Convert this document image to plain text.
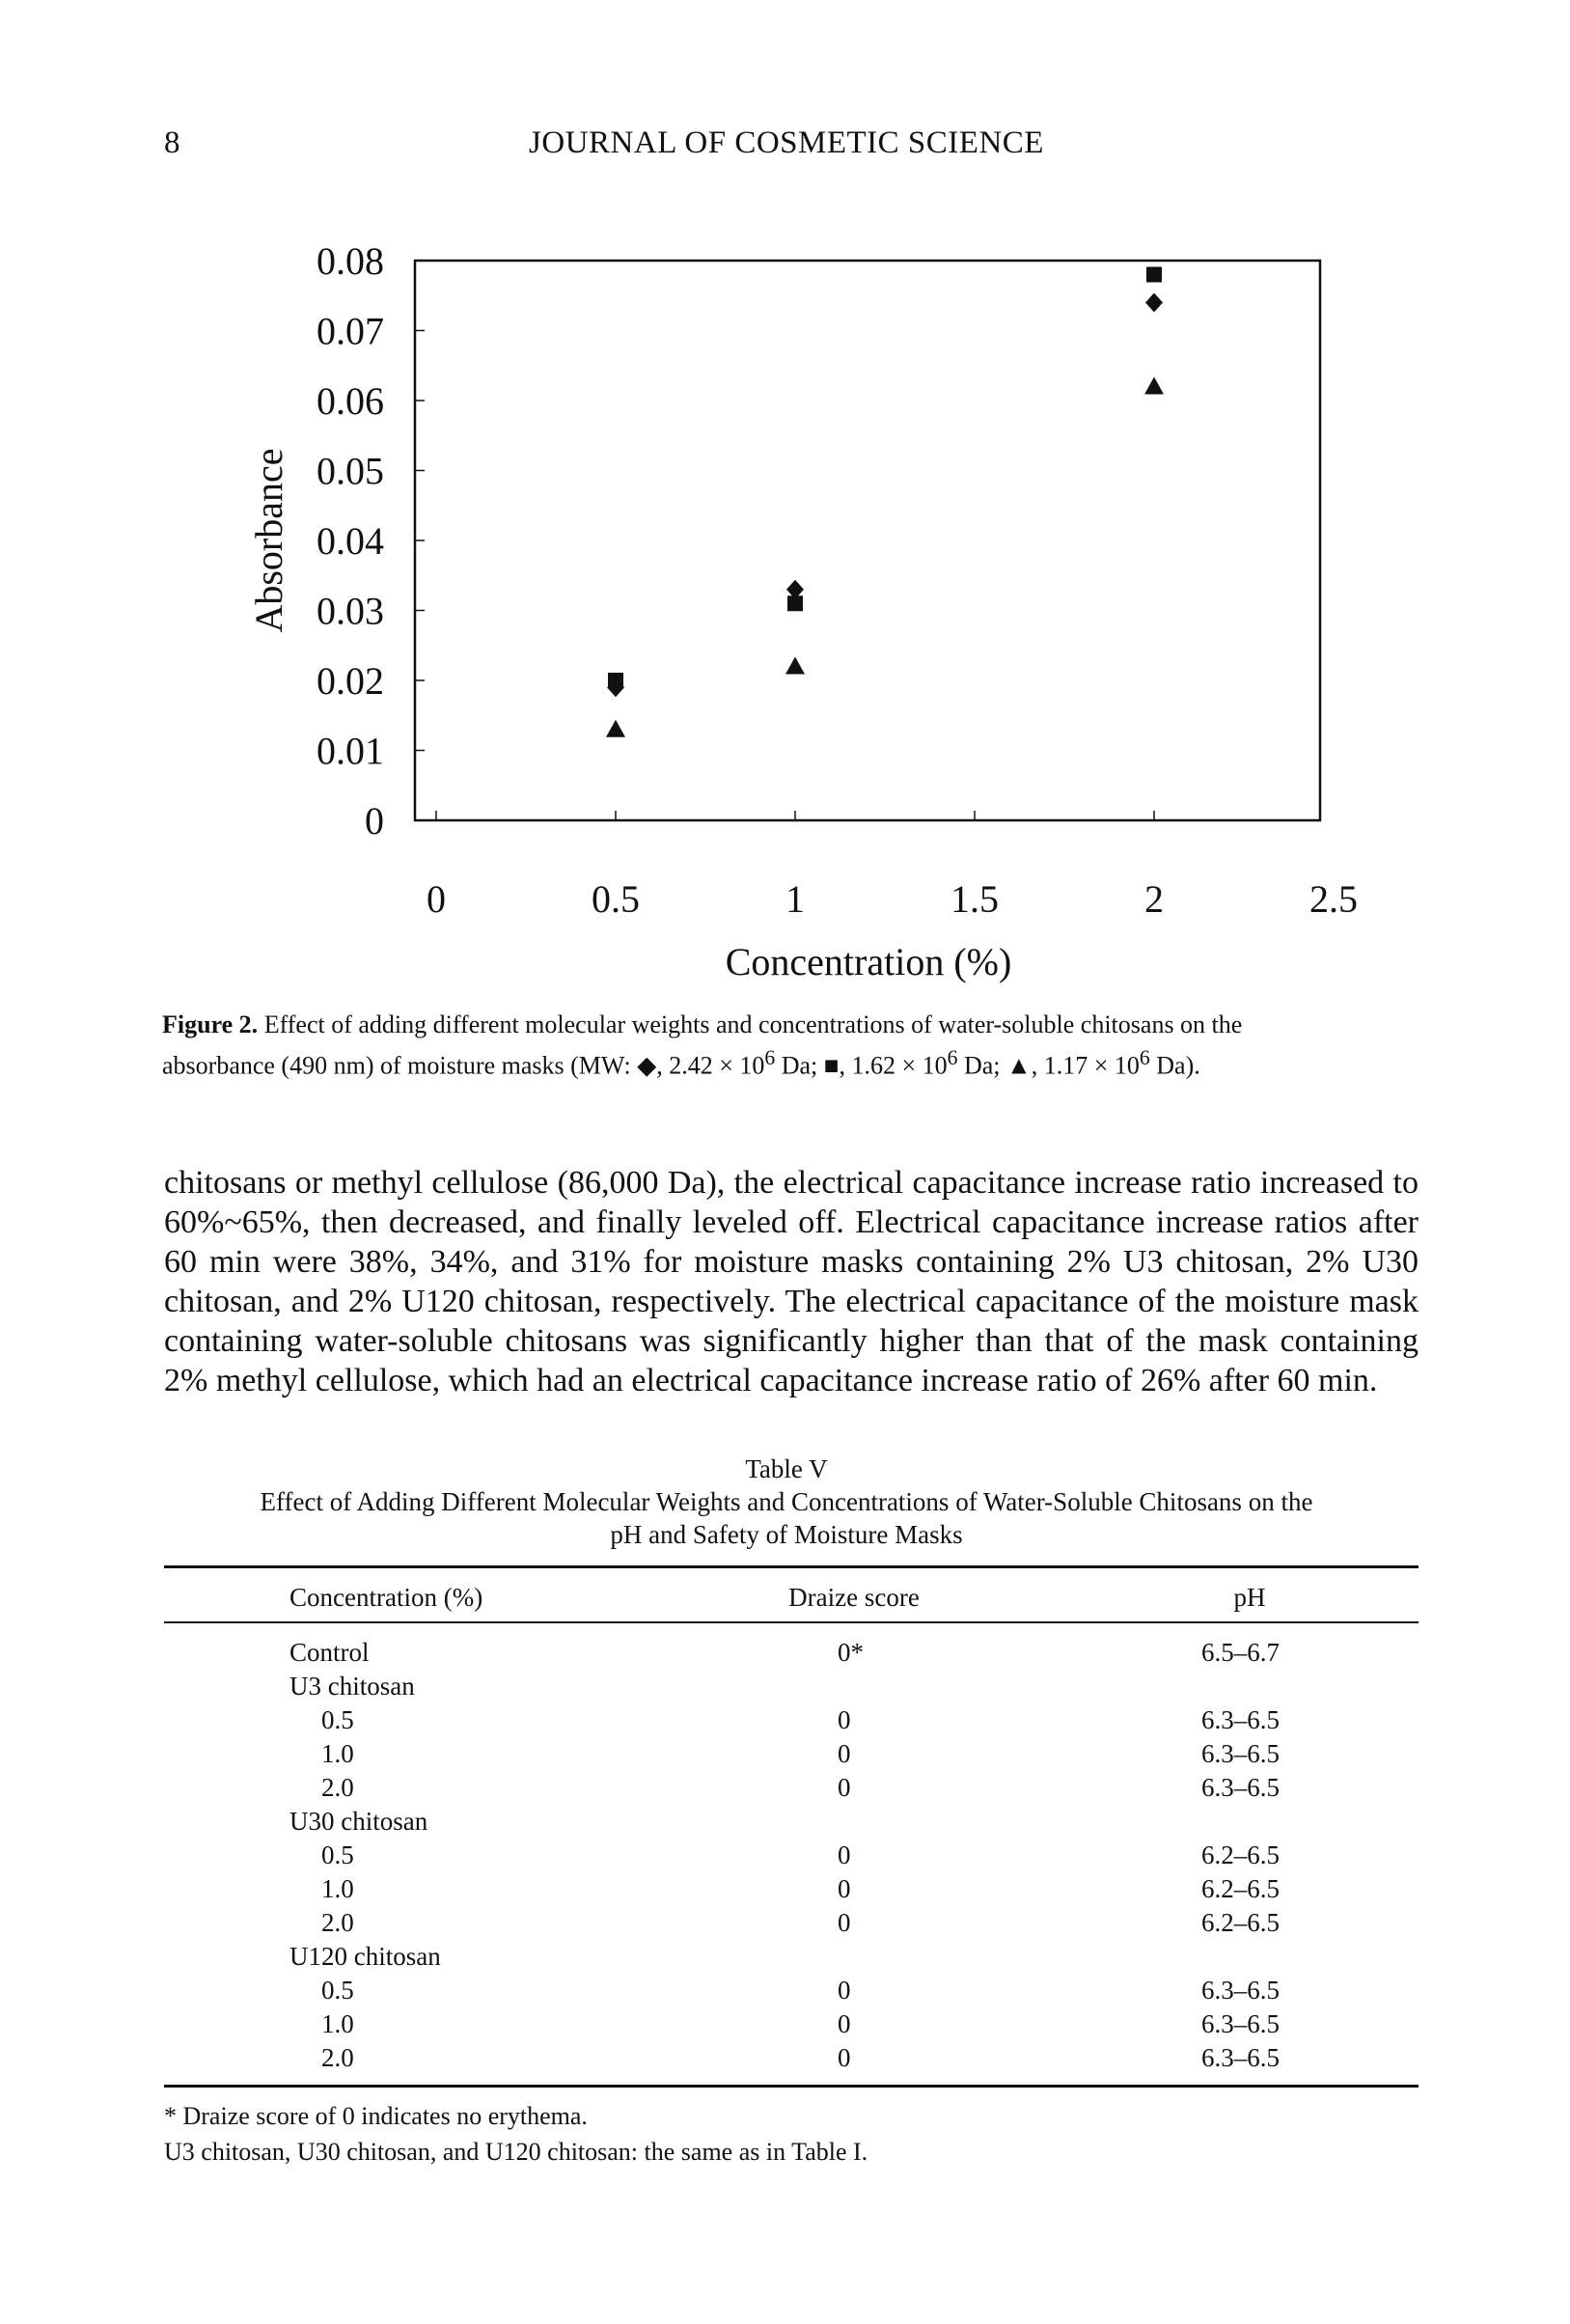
8	JOURNAL OF COSMETIC SCIENCE
0
0.01
0.02
0.03
0.04
0.05
0.06
0.07
0.08
0	0.5	1	1.5	2	2.5
Absorbance
Concentration (%)
Figure 2. Effect of adding different molecular weights and concentrations of water-soluble chitosans on the
absorbance (490 nm) of moisture masks (MW: ◆, $2.42 \times 10^6$ Da; ■, $1.62 \times 10^6$ Da; ▲, $1.17 \times 10^6$ Da).
chitosans or methyl cellulose (86,000 Da), the electrical capacitance increase ratio increased to 60%~65%, then decreased, and finally leveled off. Electrical capacitance increase ratios after 60 min were 38%, 34%, and 31% for moisture masks containing 2% U3 chitosan, 2% U30 chitosan, and 2% U120 chitosan, respectively. The electrical capacitance of the moisture mask containing water-soluble chitosans was significantly higher than that of the mask containing 2% methyl cellulose, which had an electrical capacitance increase ratio of 26% after 60 min.
Table V
Effect of Adding Different Molecular Weights and Concentrations of Water-Soluble Chitosans on the
pH and Safety of Moisture Masks
Concentration (%)	Draize score	pH
Control	0*	6.5–6.7
U3 chitosan
0.5	0	6.3–6.5
1.0	0	6.3–6.5
2.0	0	6.3–6.5
U30 chitosan
0.5	0	6.2–6.5
1.0	0	6.2–6.5
2.0	0	6.2–6.5
U120 chitosan
0.5	0	6.3–6.5
1.0	0	6.3–6.5
2.0	0	6.3–6.5
* Draize score of 0 indicates no erythema.
U3 chitosan, U30 chitosan, and U120 chitosan: the same as in Table I.
